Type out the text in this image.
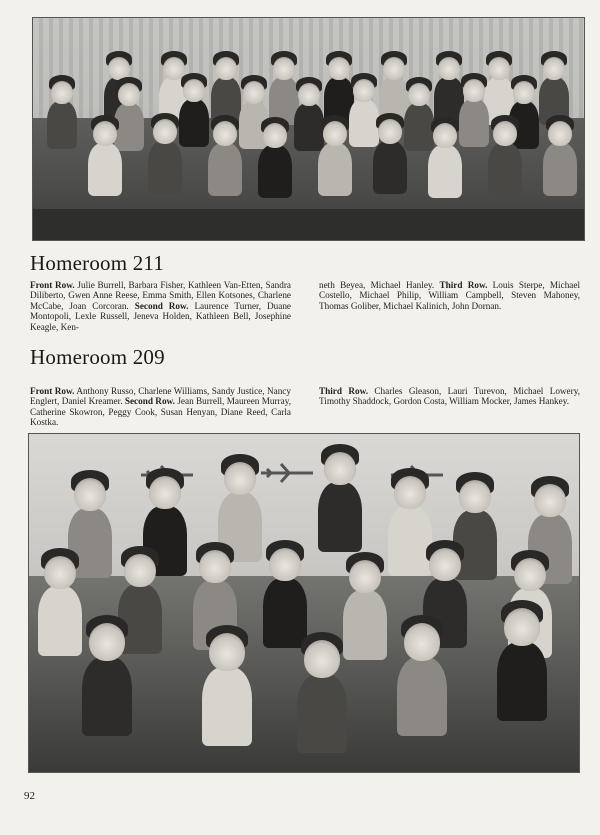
Homeroom 211
Front Row. Julie Burrell, Barbara Fisher, Kathleen Van-Etten, Sandra Diliberto, Gwen Anne Reese, Emma Smith, Ellen Kotsones, Charlene McCabe, Joan Corcoran. Second Row. Laurence Turner, Duane Montopoli, Lexle Russell, Jeneva Holden, Kathleen Bell, Josephine Keagle, Ken-
neth Beyea, Michael Hanley. Third Row. Louis Sterpe, Michael Costello, Michael Philip, William Campbell, Steven Mahoney, Thomas Goliber, Michael Kalinich, John Dornan.
Homeroom 209
Front Row. Anthony Russo, Charlene Williams, Sandy Justice, Nancy Englert, Daniel Kreamer. Second Row. Jean Burrell, Maureen Murray, Catherine Skowron, Peggy Cook, Susan Henyan, Diane Reed, Carla Kostka.
Third Row. Charles Gleason, Lauri Turevon, Michael Lowery, Timothy Shaddock, Gordon Costa, William Mocker, James Hankey.
92
